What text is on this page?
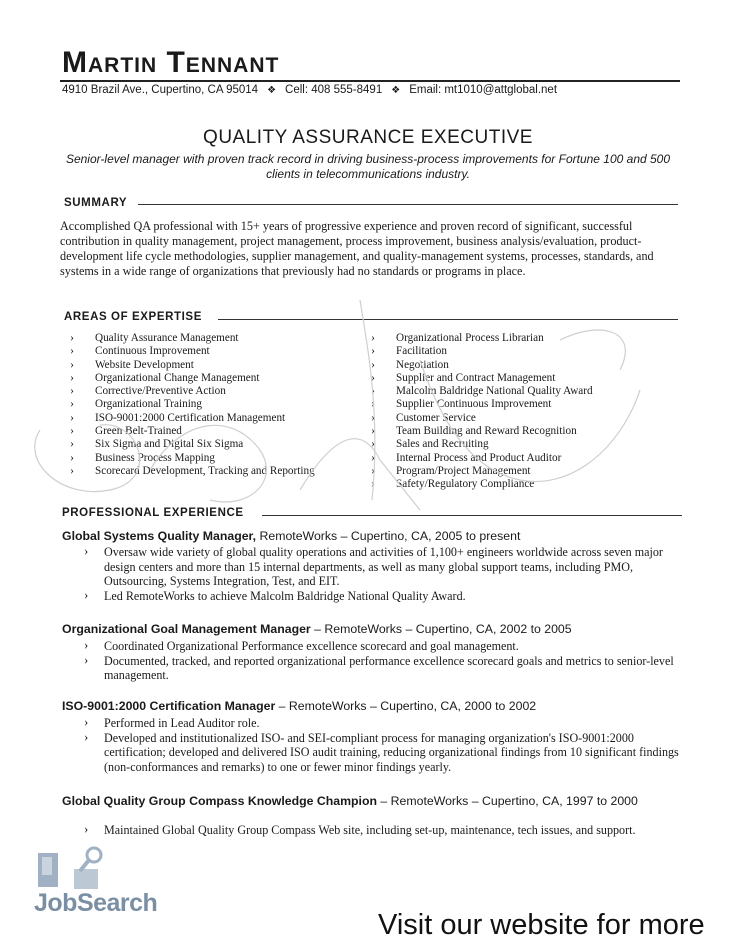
Martin Tennant
4910 Brazil Ave., Cupertino, CA 95014 ❖ Cell: 408 555-8491 ❖ Email: mt1010@attglobal.net
QUALITY ASSURANCE EXECUTIVE
Senior-level manager with proven track record in driving business-process improvements for Fortune 100 and 500 clients in telecommunications industry.
SUMMARY
Accomplished QA professional with 15+ years of progressive experience and proven record of significant, successful contribution in quality management, project management, process improvement, business analysis/evaluation, product-development life cycle methodologies, supplier management, and quality-management systems, processes, standards, and systems in a wide range of organizations that previously had no standards or programs in place.
AREAS OF EXPERTISE
› Quality Assurance Management
› Continuous Improvement
› Website Development
› Organizational Change Management
› Corrective/Preventive Action
› Organizational Training
› ISO-9001:2000 Certification Management
› Green Belt-Trained
› Six Sigma and Digital Six Sigma
› Business Process Mapping
› Scorecard Development, Tracking and Reporting
› Organizational Process Librarian
› Facilitation
› Negotiation
› Supplier and Contract Management
› Malcolm Baldridge National Quality Award
› Supplier Continuous Improvement
› Customer Service
› Team Building and Reward Recognition
› Sales and Recruiting
› Internal Process and Product Auditor
› Program/Project Management
› Safety/Regulatory Compliance
PROFESSIONAL EXPERIENCE
Global Systems Quality Manager, RemoteWorks – Cupertino, CA, 2005 to present
› Oversaw wide variety of global quality operations and activities of 1,100+ engineers worldwide across seven major design centers and more than 15 internal departments, as well as many global support teams, including PMO, Outsourcing, Systems Integration, Test, and EIT.
› Led RemoteWorks to achieve Malcolm Baldridge National Quality Award.
Organizational Goal Management Manager – RemoteWorks – Cupertino, CA, 2002 to 2005
› Coordinated Organizational Performance excellence scorecard and goal management.
› Documented, tracked, and reported organizational performance excellence scorecard goals and metrics to senior-level management.
ISO-9001:2000 Certification Manager – RemoteWorks – Cupertino, CA, 2000 to 2002
› Performed in Lead Auditor role.
› Developed and institutionalized ISO- and SEI-compliant process for managing organization's ISO-9001:2000 certification; developed and delivered ISO audit training, reducing organizational findings from 10 significant findings (non-conformances and remarks) to one or fewer minor findings yearly.
Global Quality Group Compass Knowledge Champion – RemoteWorks – Cupertino, CA, 1997 to 2000
› Maintained Global Quality Group Compass Web site, including set-up, maintenance, tech issues, and support.
JobSearch
Visit our website for more
